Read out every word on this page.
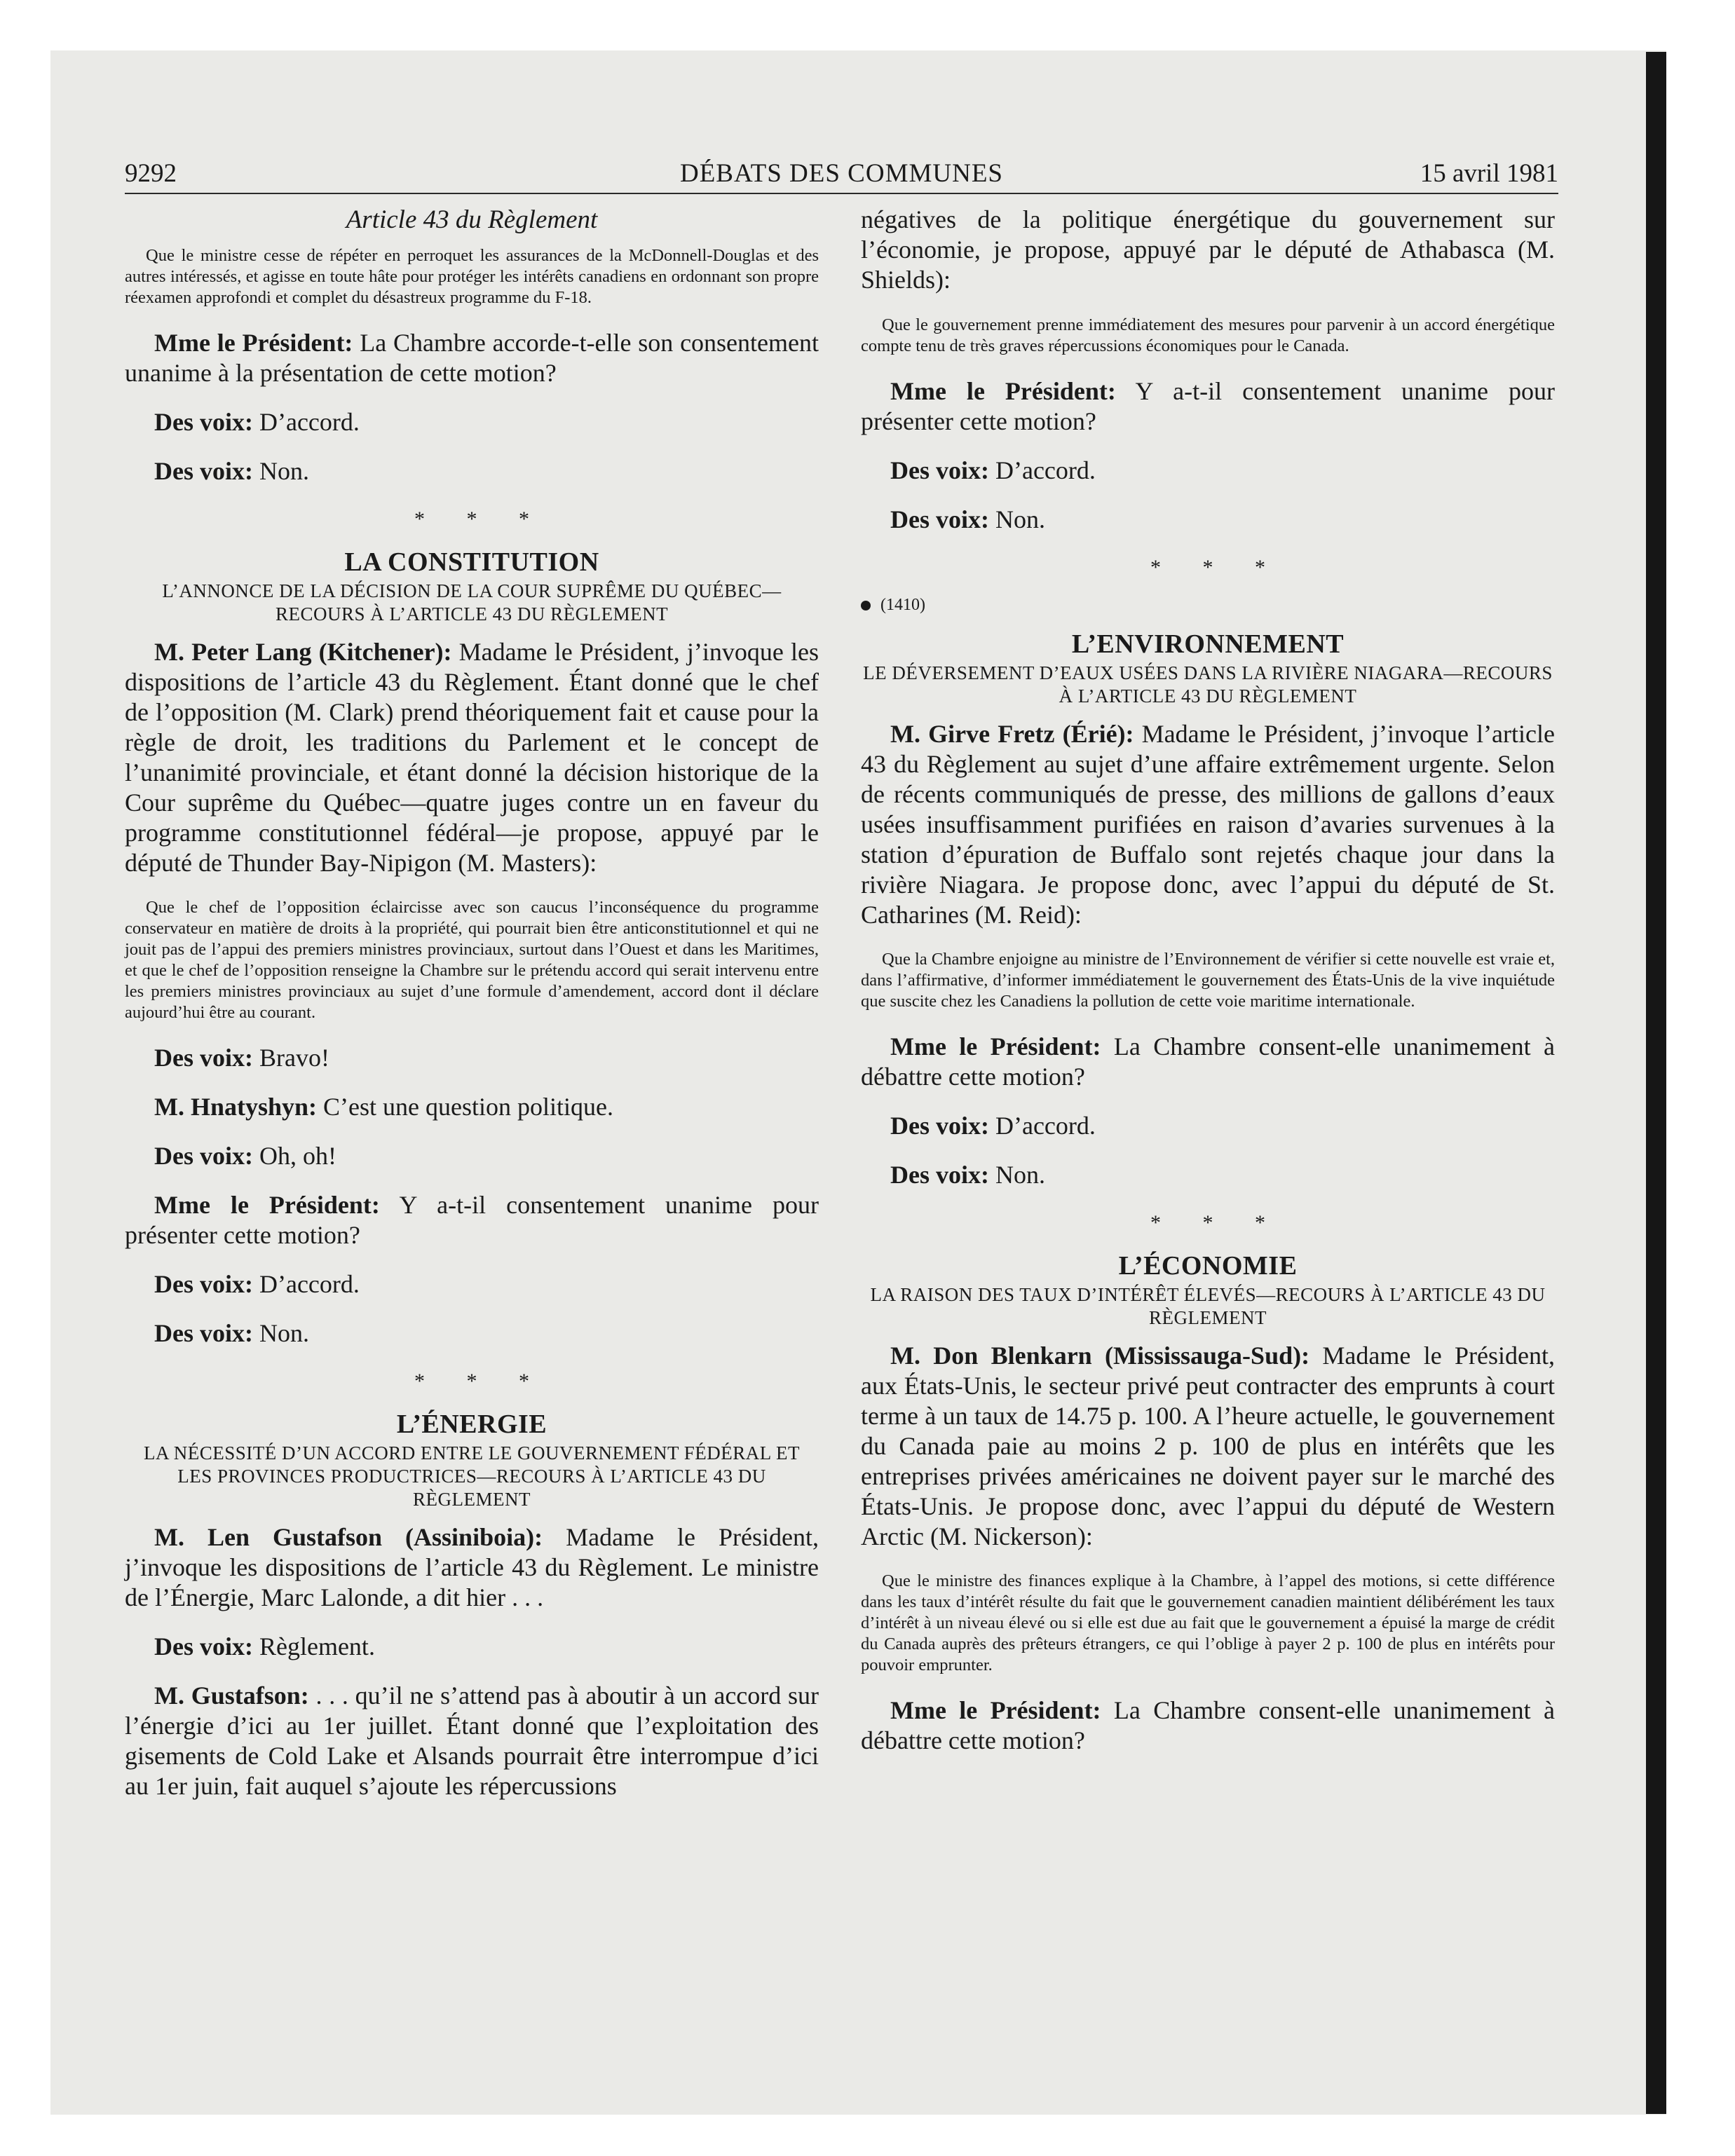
9292	DÉBATS DES COMMUNES	15 avril 1981

Article 43 du Règlement

Que le ministre cesse de répéter en perroquet les assurances de la McDonnell-Douglas et des autres intéressés, et agisse en toute hâte pour protéger les intérêts canadiens en ordonnant son propre réexamen approfondi et complet du désastreux programme du F-18.

Mme le Président: La Chambre accorde-t-elle son consentement unanime à la présentation de cette motion?

Des voix: D’accord.

Des voix: Non.

* * *

LA CONSTITUTION

L’ANNONCE DE LA DÉCISION DE LA COUR SUPRÊME DU QUÉBEC—RECOURS À L’ARTICLE 43 DU RÈGLEMENT

M. Peter Lang (Kitchener): Madame le Président, j’invoque les dispositions de l’article 43 du Règlement. Étant donné que le chef de l’opposition (M. Clark) prend théoriquement fait et cause pour la règle de droit, les traditions du Parlement et le concept de l’unanimité provinciale, et étant donné la décision historique de la Cour suprême du Québec—quatre juges contre un en faveur du programme constitutionnel fédéral—je propose, appuyé par le député de Thunder Bay-Nipigon (M. Masters):

Que le chef de l’opposition éclaircisse avec son caucus l’inconséquence du programme conservateur en matière de droits à la propriété, qui pourrait bien être anticonstitutionnel et qui ne jouit pas de l’appui des premiers ministres provinciaux, surtout dans l’Ouest et dans les Maritimes, et que le chef de l’opposition renseigne la Chambre sur le prétendu accord qui serait intervenu entre les premiers ministres provinciaux au sujet d’une formule d’amendement, accord dont il déclare aujourd’hui être au courant.

Des voix: Bravo!

M. Hnatyshyn: C’est une question politique.

Des voix: Oh, oh!

Mme le Président: Y a-t-il consentement unanime pour présenter cette motion?

Des voix: D’accord.

Des voix: Non.

* * *

L’ÉNERGIE

LA NÉCESSITÉ D’UN ACCORD ENTRE LE GOUVERNEMENT FÉDÉRAL ET LES PROVINCES PRODUCTRICES—RECOURS À L’ARTICLE 43 DU RÈGLEMENT

M. Len Gustafson (Assiniboia): Madame le Président, j’invoque les dispositions de l’article 43 du Règlement. Le ministre de l’Énergie, Marc Lalonde, a dit hier . . .

Des voix: Règlement.

M. Gustafson: . . . qu’il ne s’attend pas à aboutir à un accord sur l’énergie d’ici au 1er juillet. Étant donné que l’exploitation des gisements de Cold Lake et Alsands pourrait être interrompue d’ici au 1er juin, fait auquel s’ajoute les répercussions

négatives de la politique énergétique du gouvernement sur l’économie, je propose, appuyé par le député de Athabasca (M. Shields):

Que le gouvernement prenne immédiatement des mesures pour parvenir à un accord énergétique compte tenu de très graves répercussions économiques pour le Canada.

Mme le Président: Y a-t-il consentement unanime pour présenter cette motion?

Des voix: D’accord.

Des voix: Non.

* * *

(1410)

L’ENVIRONNEMENT

LE DÉVERSEMENT D’EAUX USÉES DANS LA RIVIÈRE NIAGARA—RECOURS À L’ARTICLE 43 DU RÈGLEMENT

M. Girve Fretz (Érié): Madame le Président, j’invoque l’article 43 du Règlement au sujet d’une affaire extrêmement urgente. Selon de récents communiqués de presse, des millions de gallons d’eaux usées insuffisamment purifiées en raison d’avaries survenues à la station d’épuration de Buffalo sont rejetés chaque jour dans la rivière Niagara. Je propose donc, avec l’appui du député de St. Catharines (M. Reid):

Que la Chambre enjoigne au ministre de l’Environnement de vérifier si cette nouvelle est vraie et, dans l’affirmative, d’informer immédiatement le gouvernement des États-Unis de la vive inquiétude que suscite chez les Canadiens la pollution de cette voie maritime internationale.

Mme le Président: La Chambre consent-elle unanimement à débattre cette motion?

Des voix: D’accord.

Des voix: Non.

* * *

L’ÉCONOMIE

LA RAISON DES TAUX D’INTÉRÊT ÉLEVÉS—RECOURS À L’ARTICLE 43 DU RÈGLEMENT

M. Don Blenkarn (Mississauga-Sud): Madame le Président, aux États-Unis, le secteur privé peut contracter des emprunts à court terme à un taux de 14.75 p. 100. A l’heure actuelle, le gouvernement du Canada paie au moins 2 p. 100 de plus en intérêts que les entreprises privées américaines ne doivent payer sur le marché des États-Unis. Je propose donc, avec l’appui du député de Western Arctic (M. Nickerson):

Que le ministre des finances explique à la Chambre, à l’appel des motions, si cette différence dans les taux d’intérêt résulte du fait que le gouvernement canadien maintient délibérément les taux d’intérêt à un niveau élevé ou si elle est due au fait que le gouvernement a épuisé la marge de crédit du Canada auprès des prêteurs étrangers, ce qui l’oblige à payer 2 p. 100 de plus en intérêts pour pouvoir emprunter.

Mme le Président: La Chambre consent-elle unanimement à débattre cette motion?
